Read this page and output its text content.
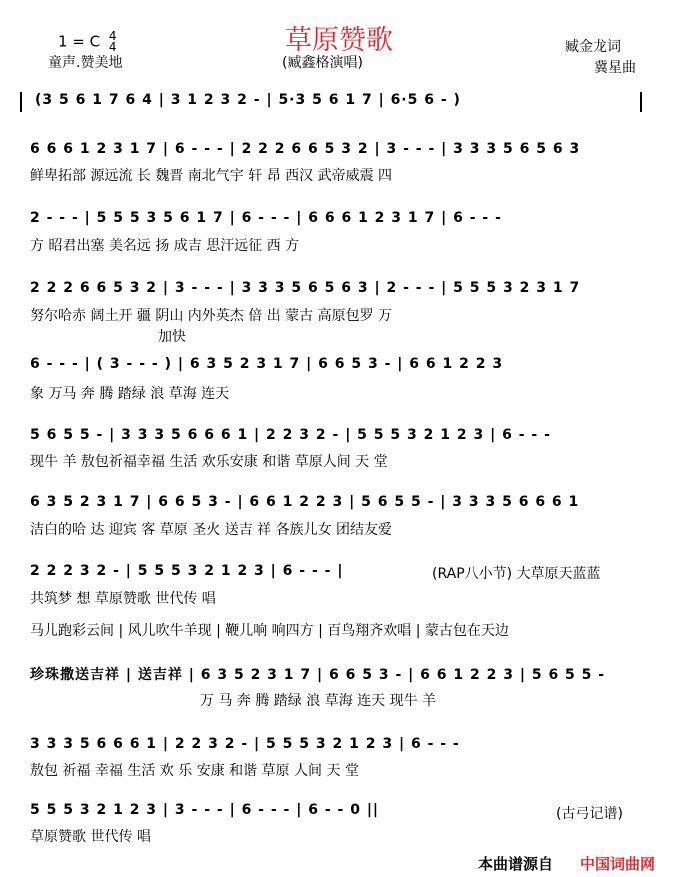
草原赞歌
1 = C 4
4
童声.赞美地	(臧鑫格演唱)
臧金龙词
冀星曲
(3 5 6 1 7 6 4 | 3 1 2 3 2 - | 5·3 5 6 1 7 | 6·5 6 - )
6 6 6 1 2 3 1 7 | 6 - - - | 2 2 2 6 6 5 3 2 | 3 - - - | 3 3 3 5 6 5 6 3
鲜卑拓部 源远流 长 魏晋 南北气宇 轩 昂 西汉 武帝威震 四
2 - - - | 5 5 5 3 5 6 1 7 | 6 - - - | 6 6 6 1 2 3 1 7 | 6 - - -
方 昭君出塞 美名远 扬 成吉 思汗远征 西 方
2 2 2 6 6 5 3 2 | 3 - - - | 3 3 3 5 6 5 6 3 | 2 - - - | 5 5 5 3 2 3 1 7
努尔哈赤 阔土开 疆 阴山 内外英杰 倍 出 蒙古 高原包罗 万
加快
6 - - - | ( 3 - - - ) | 6 3 5 2 3 1 7 | 6 6 5 3 - | 6 6 1 2 2 3
象 万马 奔 腾 踏绿 浪 草海 连天
5 6 5 5 - | 3 3 3 5 6 6 6 1 | 2 2 3 2 - | 5 5 5 3 2 1 2 3 | 6 - - -
现牛 羊 敖包祈福幸福 生活 欢乐安康 和谐 草原人间 天 堂
6 3 5 2 3 1 7 | 6 6 5 3 - | 6 6 1 2 2 3 | 5 6 5 5 - | 3 3 3 5 6 6 6 1
洁白的哈 达 迎宾 客 草原 圣火 送吉 祥 各族儿女 团结友爱
2 2 2 3 2 - | 5 5 5 3 2 1 2 3 | 6 - - - |	(RAP八小节) 大草原天蓝蓝
共筑梦 想 草原赞歌 世代传 唱
马儿跑彩云间 | 风儿吹牛羊现 | 鞭儿响 响四方 | 百鸟翔齐欢唱 | 蒙古包在天边
珍珠撒送吉祥 | 送吉祥 | 6 3 5 2 3 1 7 | 6 6 5 3 - | 6 6 1 2 2 3 | 5 6 5 5 -
万 马 奔 腾 踏绿 浪 草海 连天 现牛 羊
3 3 3 5 6 6 6 1 | 2 2 3 2 - | 5 5 5 3 2 1 2 3 | 6 - - -
敖包 祈福 幸福 生活 欢 乐 安康 和谐 草原 人间 天 堂
5 5 5 3 2 1 2 3 | 3 - - - | 6 - - - | 6 - - 0 ||
草原赞歌 世代传 唱
(古弓记谱)
本曲谱源自 中国词曲网
